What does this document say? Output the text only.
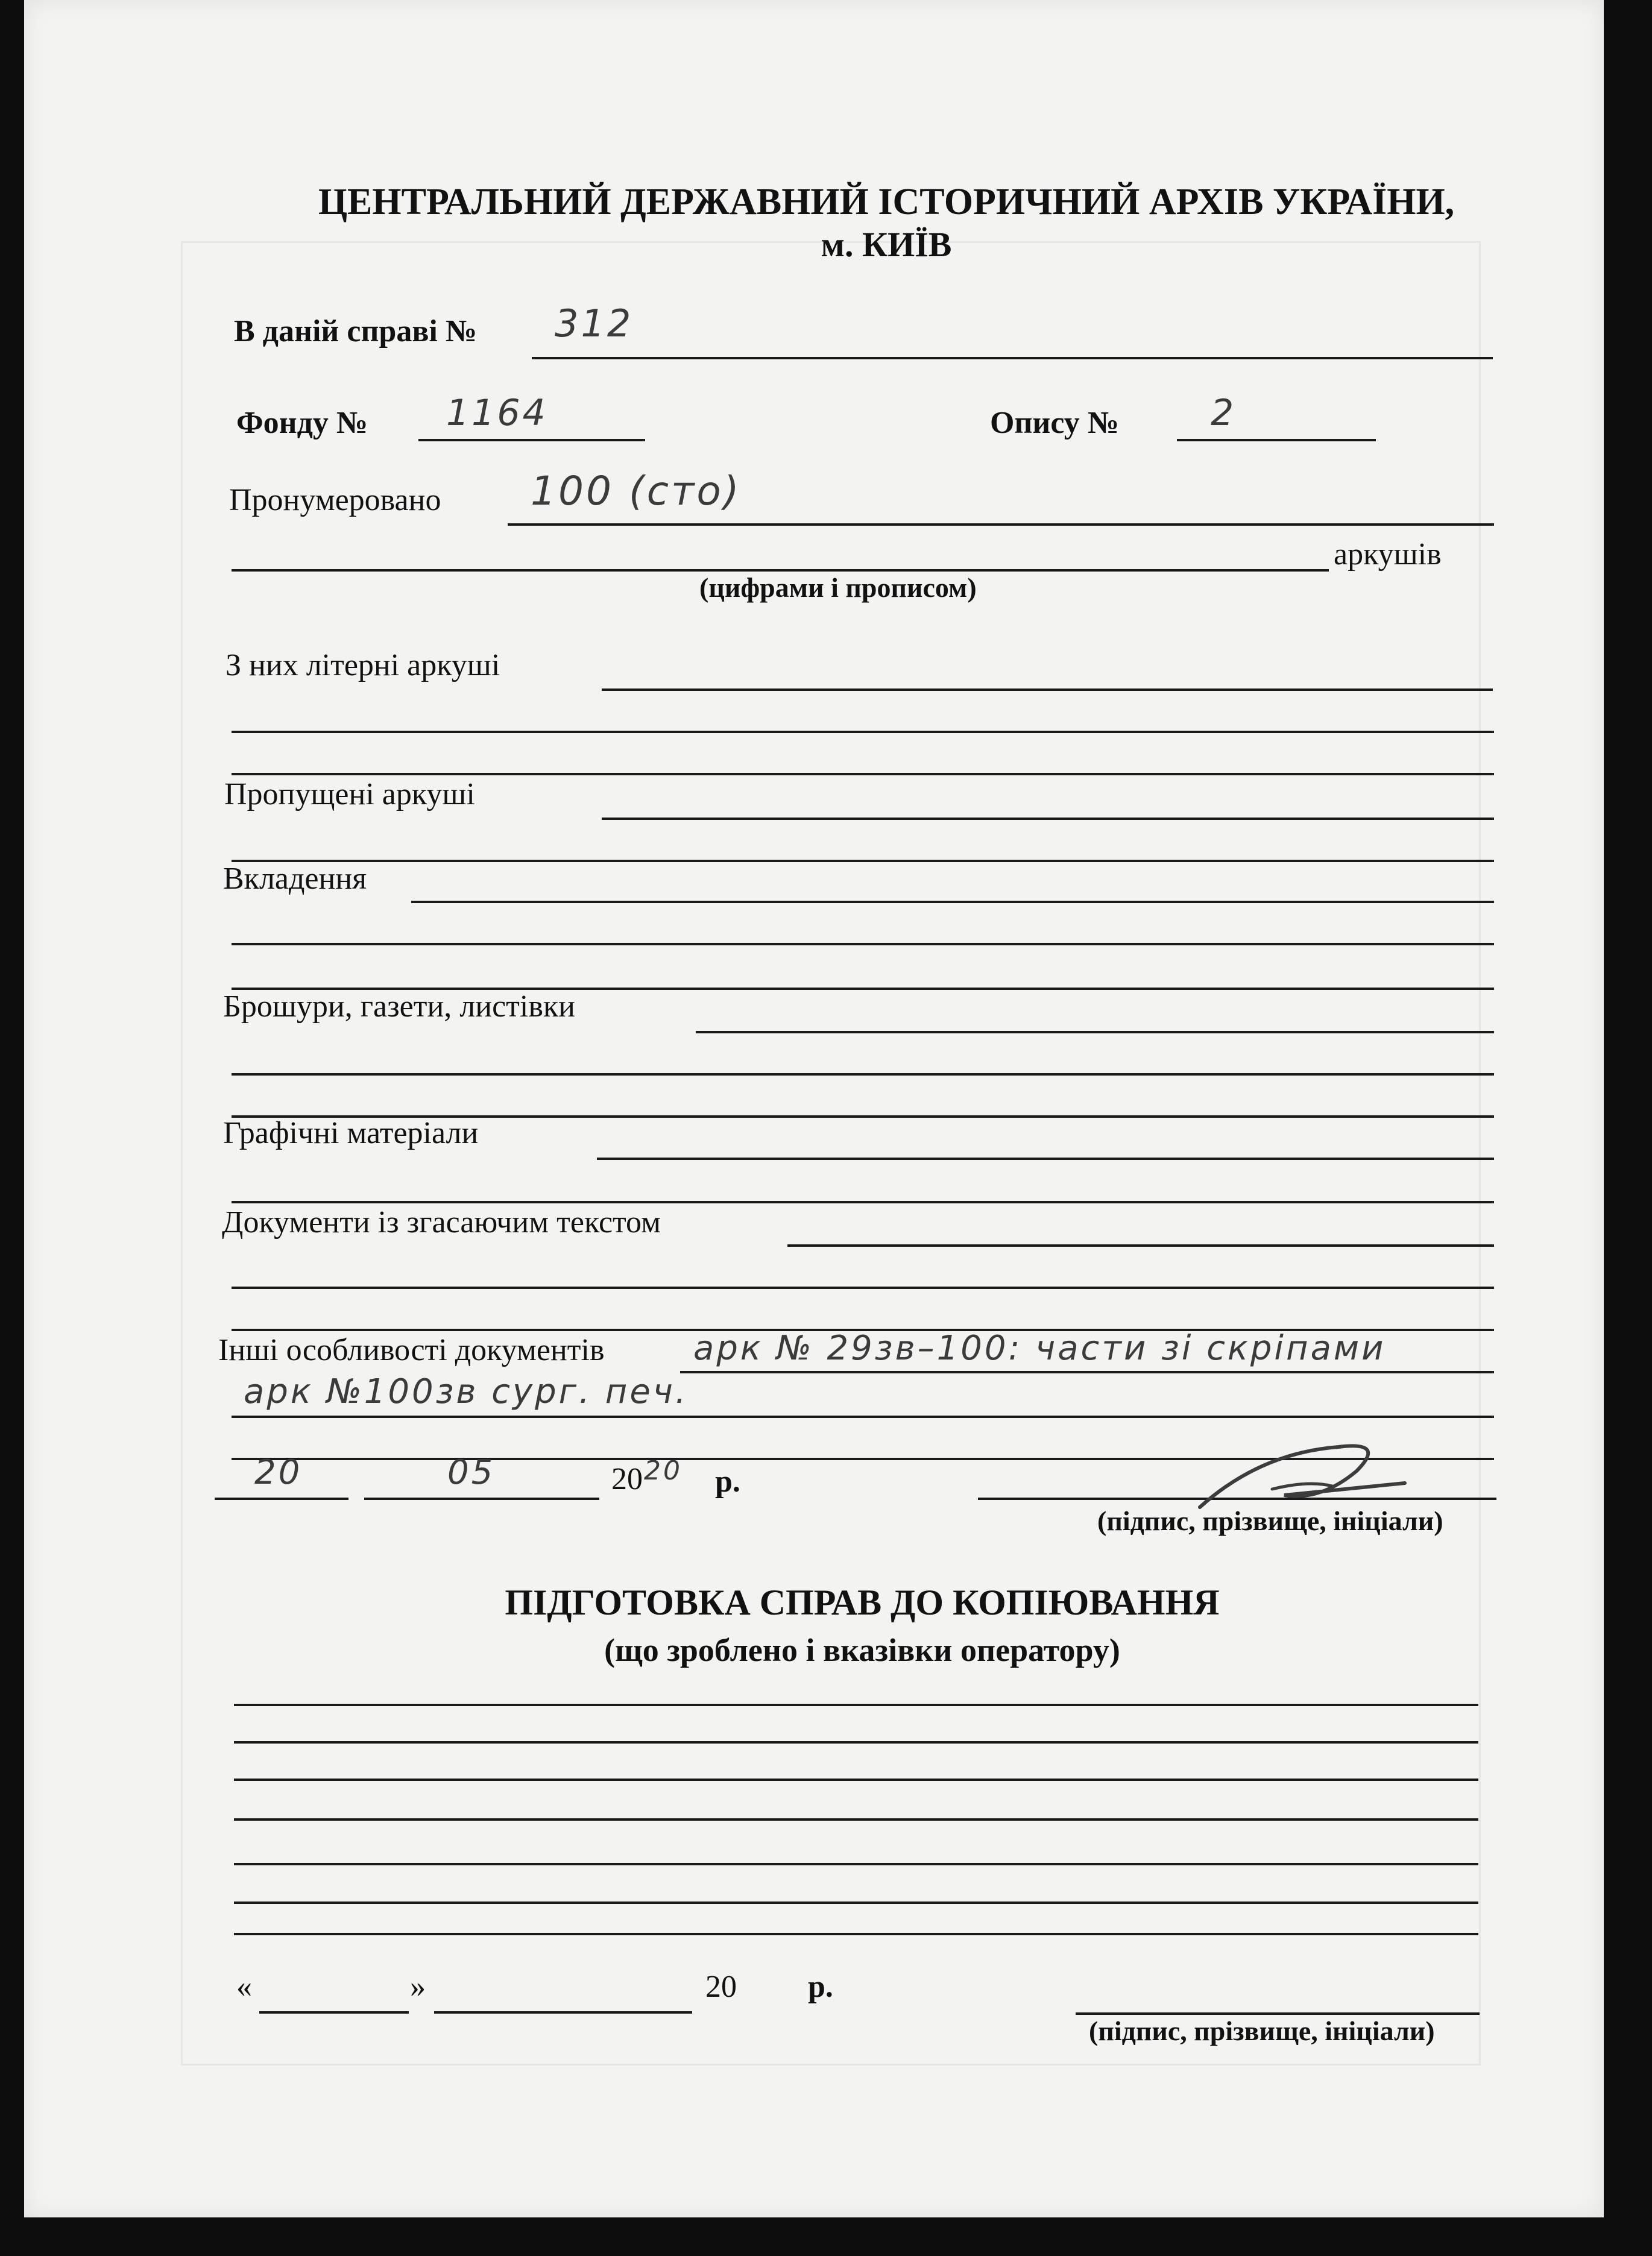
ЦЕНТРАЛЬНИЙ ДЕРЖАВНИЙ ІСТОРИЧНИЙ АРХІВ УКРАЇНИ,
м. КИЇВ
В даній справі № 312
Фонду № 1164	Опису №	2
Пронумеровано 100 (сто)
аркушів
(цифрами і прописом)
З них літерні аркуші
Пропущені аркуші
Вкладення
Брошури, газети, листівки
Графічні матеріали
Документи із згасаючим текстом
Інші особливості документів	арк № 29зв–100: части зі скріпами
арк №100зв сург. печ.
20	05	20 20 р.
(підпис, прізвище, ініціали)
ПІДГОТОВКА СПРАВ ДО КОПІЮВАННЯ
(що зроблено і вказівки оператору)
«	»	20 р.
(підпис, прізвище, ініціали)
